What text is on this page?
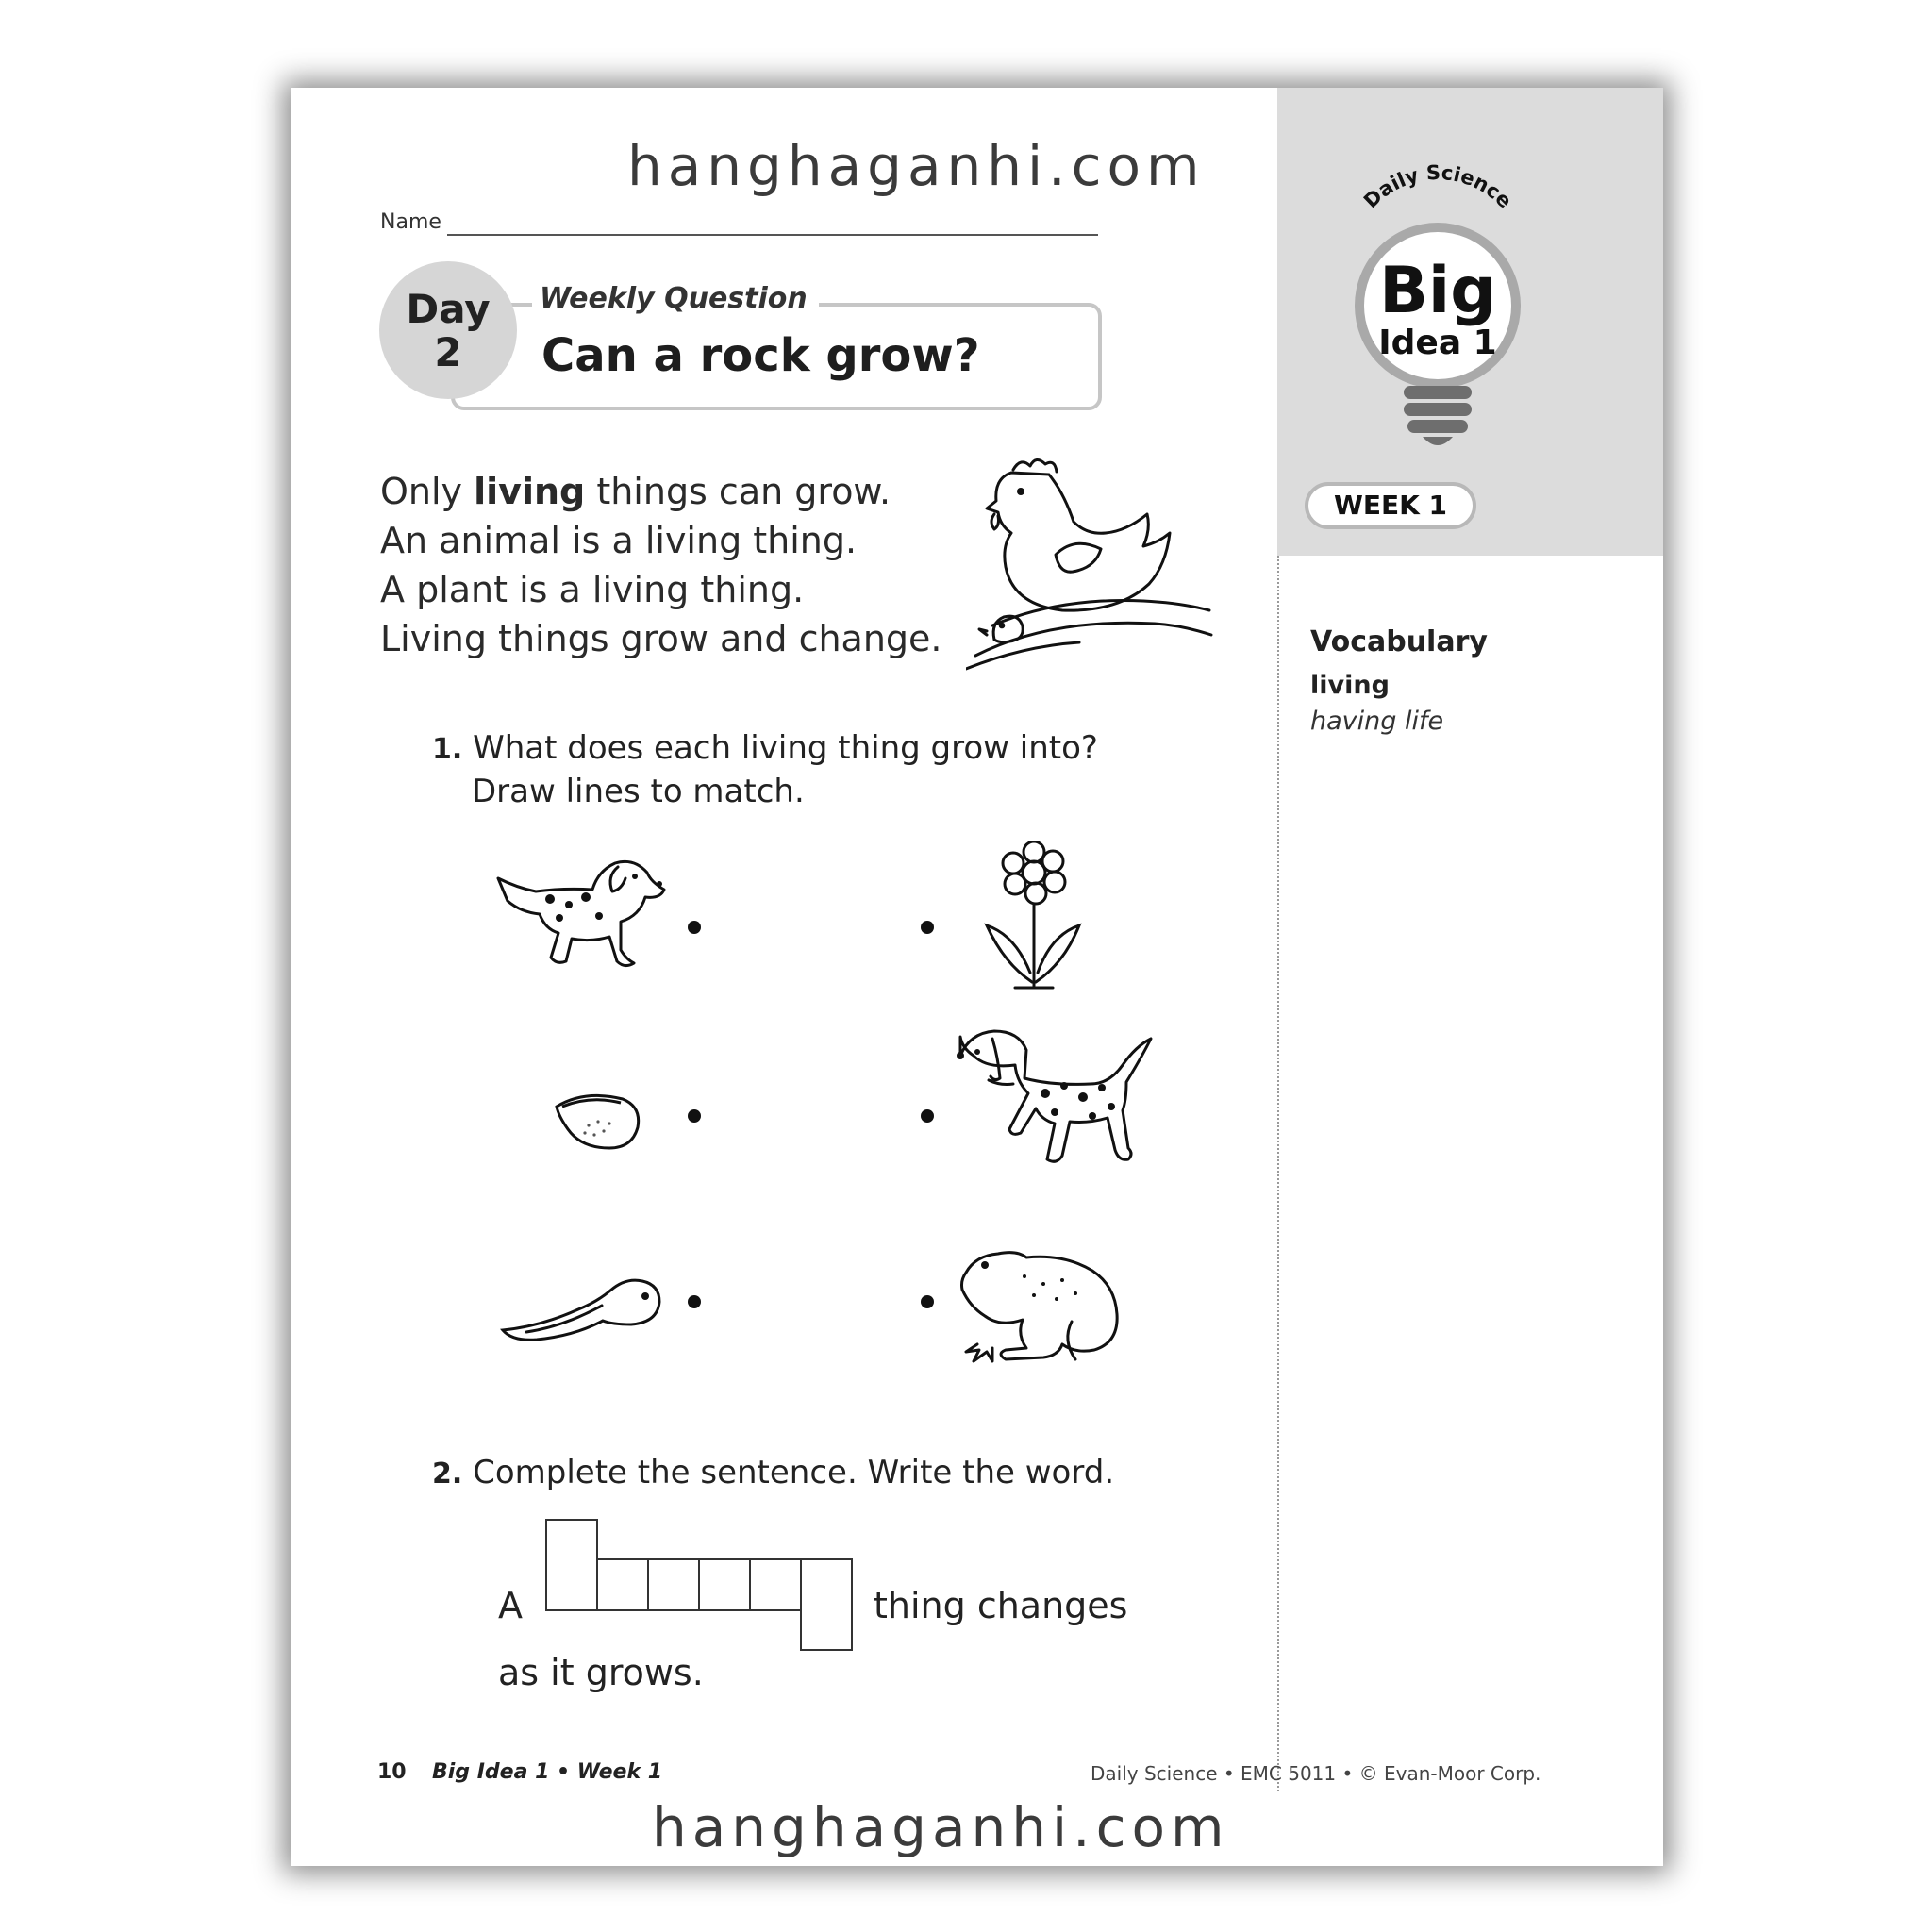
Daily Science
Big
Idea 1
WEEK 1
hanghaganhi.com
hanghaganhi.com
Name
Day
2
Weekly Question
Can a rock grow?
Only living things can grow.
An animal is a living thing.
A plant is a living thing.
Living things grow and change.
1. What does each living thing grow into?
Draw lines to match.
2. Complete the sentence. Write the word.
A	thing changes
as it grows.
Vocabulary
living
having life
10 Big Idea 1 • Week 1	Daily Science • EMC 5011 • © Evan-Moor Corp.
